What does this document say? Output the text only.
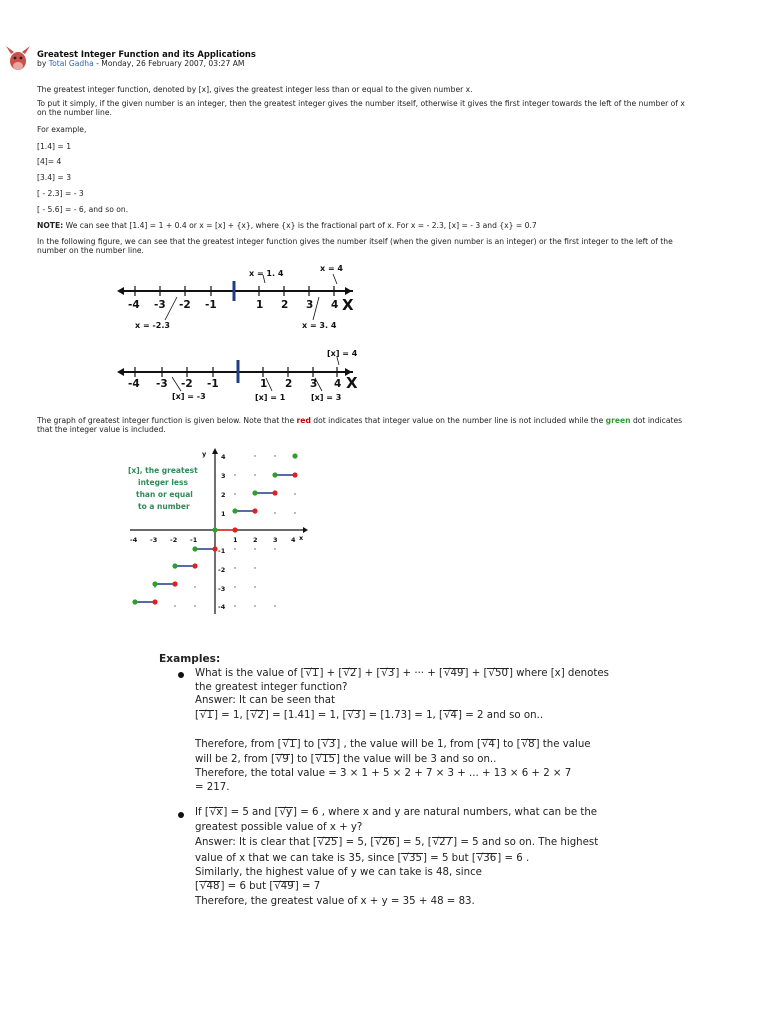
Greatest Integer Function and its Applications

by Total Gadha - Monday, 26 February 2007, 03:27 AM

The greatest integer function, denoted by [x], gives the greatest integer less than or equal to the given number x.

To put it simply, if the given number is an integer, then the greatest integer gives the number itself, otherwise it gives the first integer towards the left of the number of x

on the number line.

For example,

[1.4] = 1

[4]= 4

[3.4] = 3

[ - 2.3] = - 3

[ - 5.6] = - 6, and so on.

NOTE: We can see that [1.4] = 1 + 0.4 or x = [x] + {x}, where {x} is the fractional part of x. For x = - 2.3, [x] = - 3 and {x} = 0.7

In the following figure, we can see that the greatest integer function gives the number itself (when the given number is an integer) or the first integer to the left of the

number on the number line.

The graph of greatest integer function is given below. Note that the red dot indicates that integer value on the number line is not included while the green dot indicates

that the integer value is included.

-4 -3 -2 -1	1 2 3 4 X
x = 1. 4
x = 4
x = -2.3	x = 3. 4
-4 -3 -2 -1	1 2 3 4 X
[x] = 4
[x] = -3	[x] = 1	[x] = 3
[x], the greatest
integer less
than or equal
to a number
x
y
-4 -3 -2 -1	1 2 3 4
4
3
2
1
-1
-2
-3
-4
Examples:
What is the value of [√1] + [√2] + [√3] + ··· + [√49] + [√50] where [x] denotes
the greatest integer function?
Answer: It can be seen that
[√1] = 1, [√2] = [1.41] = 1, [√3] = [1.73] = 1, [√4] = 2 and so on..
Therefore, from [√1] to [√3] , the value will be 1, from [√4] to [√8] the value
will be 2, from [√9] to [√15] the value will be 3 and so on..
Therefore, the total value = 3 × 1 + 5 × 2 + 7 × 3 + ... + 13 × 6 + 2 × 7
= 217.
If [√x] = 5 and [√y] = 6 , where x and y are natural numbers, what can be the
greatest possible value of x + y?
Answer: It is clear that [√25] = 5, [√26] = 5, [√27] = 5 and so on. The highest
value of x that we can take is 35, since [√35] = 5 but [√36] = 6 .
Similarly, the highest value of y we can take is 48, since
[√48] = 6 but [√49] = 7
Therefore, the greatest value of x + y = 35 + 48 = 83.
